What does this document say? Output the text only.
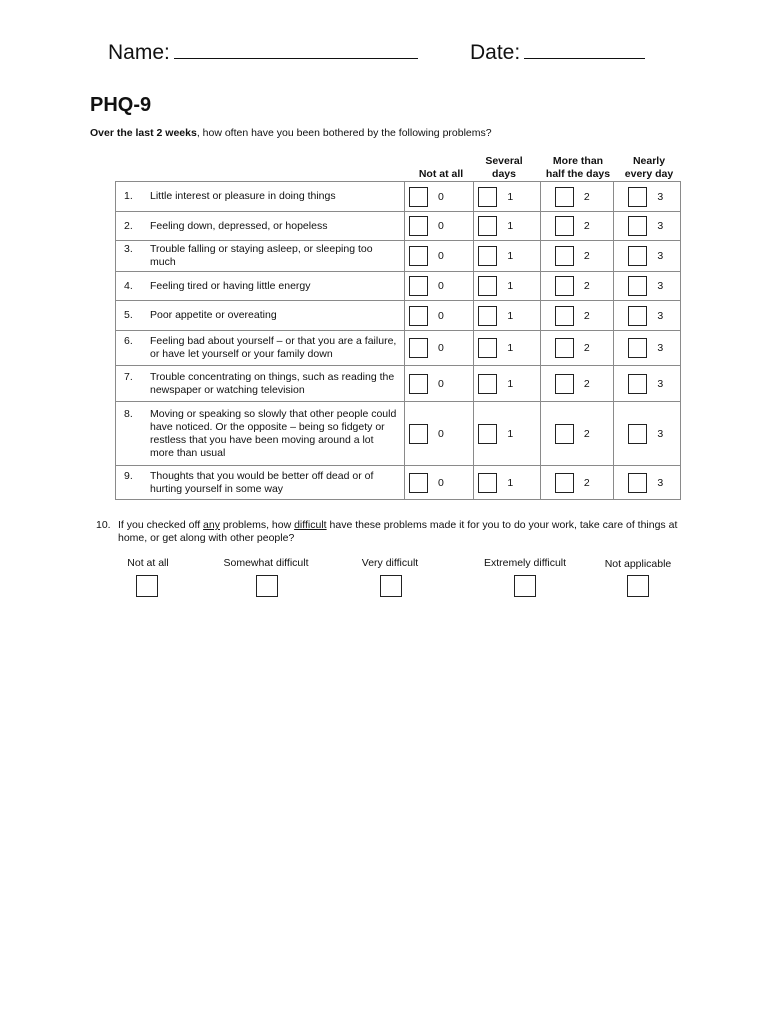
Name:	Date:
PHQ-9
Over the last 2 weeks, how often have you been bothered by the following problems?
Not at all
Several
days
More than
half the days
Nearly
every day
1. Little interest or pleasure in doing things	0	1	2	3

2. Feeling down, depressed, or hopeless	0	1	2	3

3. Trouble falling or staying asleep, or sleeping too much	0	1	2	3

4. Feeling tired or having little energy	0	1	2	3

5. Poor appetite or overeating	0	1	2	3

6. Feeling bad about yourself – or that you are a failure, or have let yourself or your family down	0	1	2	3

7. Trouble concentrating on things, such as reading the newspaper or watching television	0	1	2	3

8. Moving or speaking so slowly that other people could have noticed. Or the opposite – being so fidgety or restless that you have been moving around a lot more than usual	0	1	2	3

9. Thoughts that you would be better off dead or of hurting yourself in some way	0	1	2	3
10. If you checked off any problems, how difficult have these problems made it for you to do your work, take care of things at home, or get along with other people?
Not at all	Somewhat difficult	Very difficult	Extremely difficult	Not applicable
